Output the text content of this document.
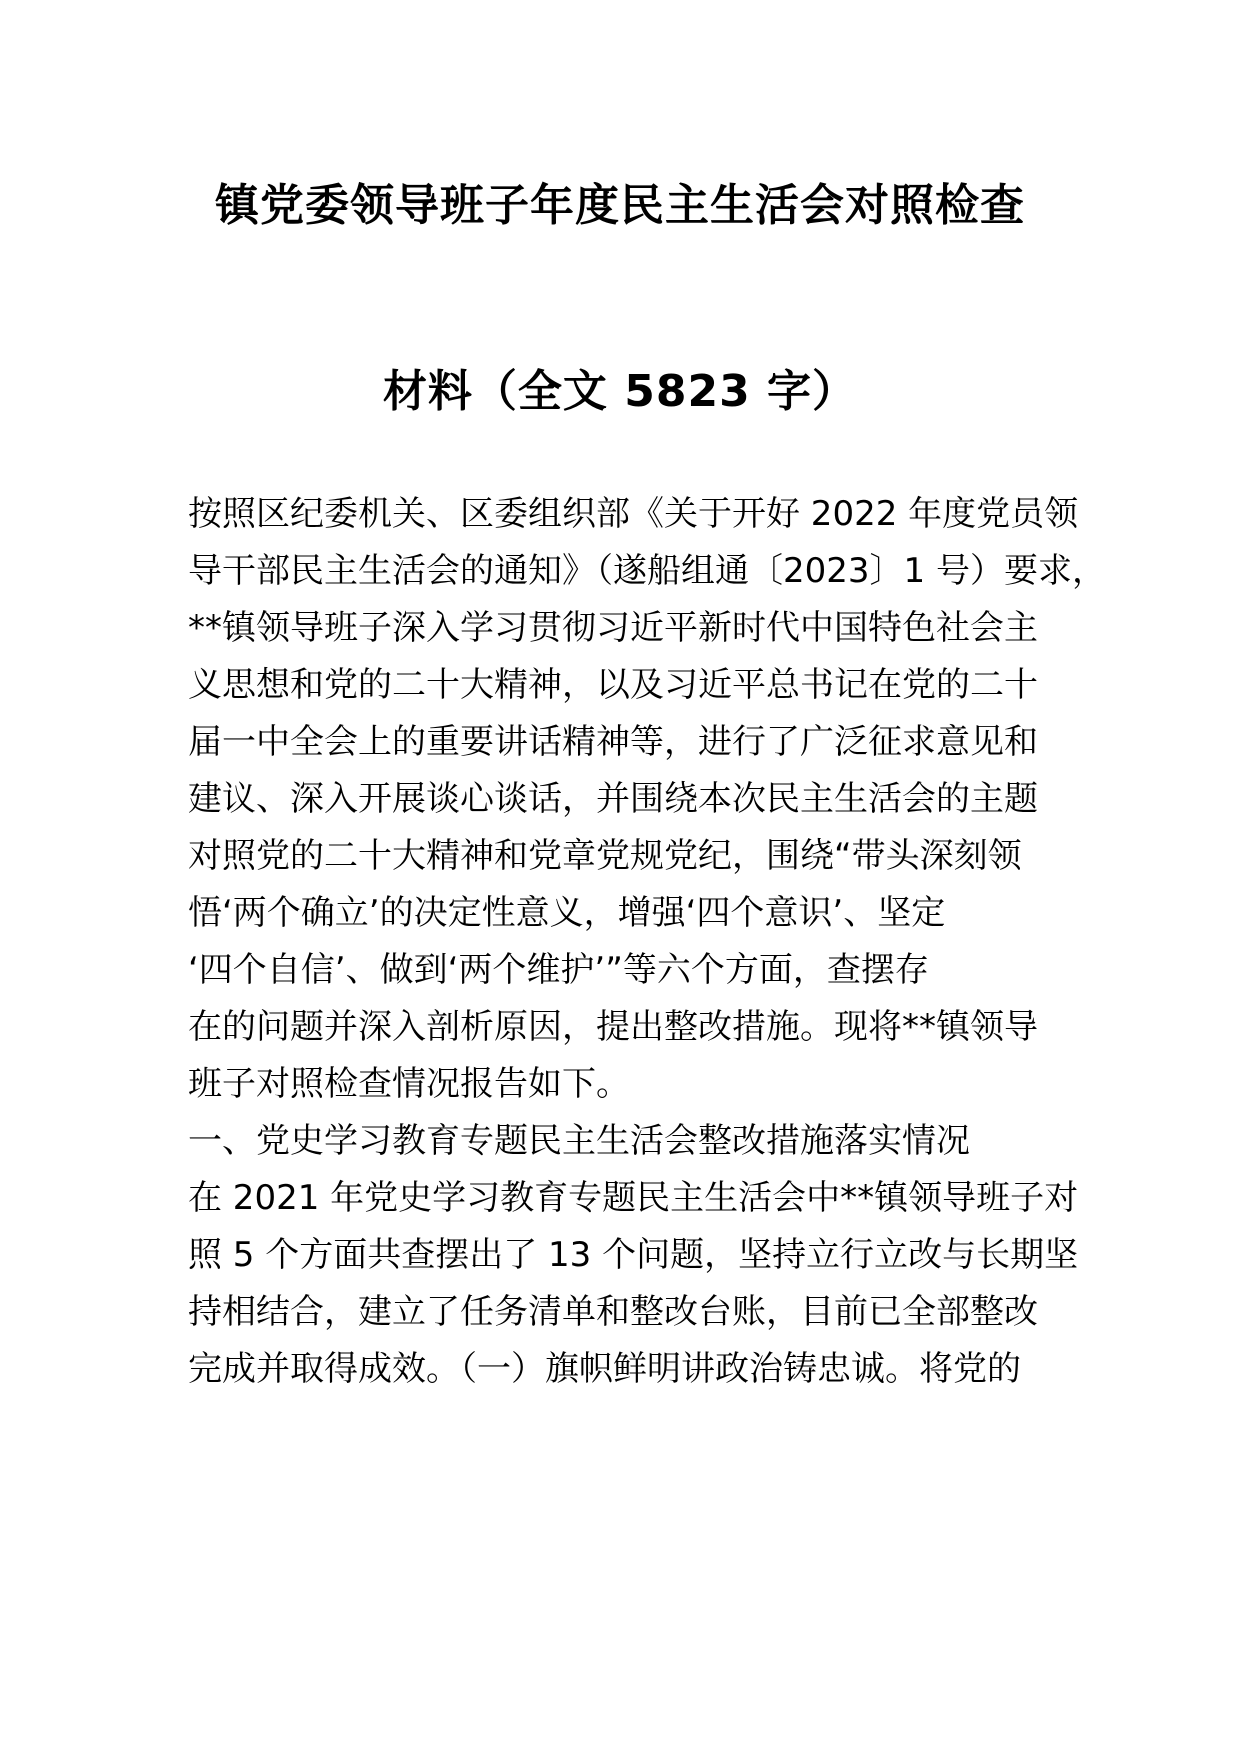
镇党委领导班子年度民主生活会对照检查
材料（全文 5823 字）
按照区纪委机关、区委组织部《关于开好 2022 年度党员领
导干部民主生活会的通知》（遂船组通〔2023〕1 号）要求，
**镇领导班子深入学习贯彻习近平新时代中国特色社会主
义思想和党的二十大精神，以及习近平总书记在党的二十
届一中全会上的重要讲话精神等，进行了广泛征求意见和
建议、深入开展谈心谈话，并围绕本次民主生活会的主题
对照党的二十大精神和党章党规党纪，围绕“带头深刻领
悟‘两个确立’的决定性意义，增强‘四个意识’、坚定
‘四个自信’、做到‘两个维护’”等六个方面，查摆存
在的问题并深入剖析原因，提出整改措施。现将**镇领导
班子对照检查情况报告如下。
一、党史学习教育专题民主生活会整改措施落实情况
在 2021 年党史学习教育专题民主生活会中**镇领导班子对
照 5 个方面共查摆出了 13 个问题，坚持立行立改与长期坚
持相结合，建立了任务清单和整改台账，目前已全部整改
完成并取得成效。（一）旗帜鲜明讲政治铸忠诚。将党的
